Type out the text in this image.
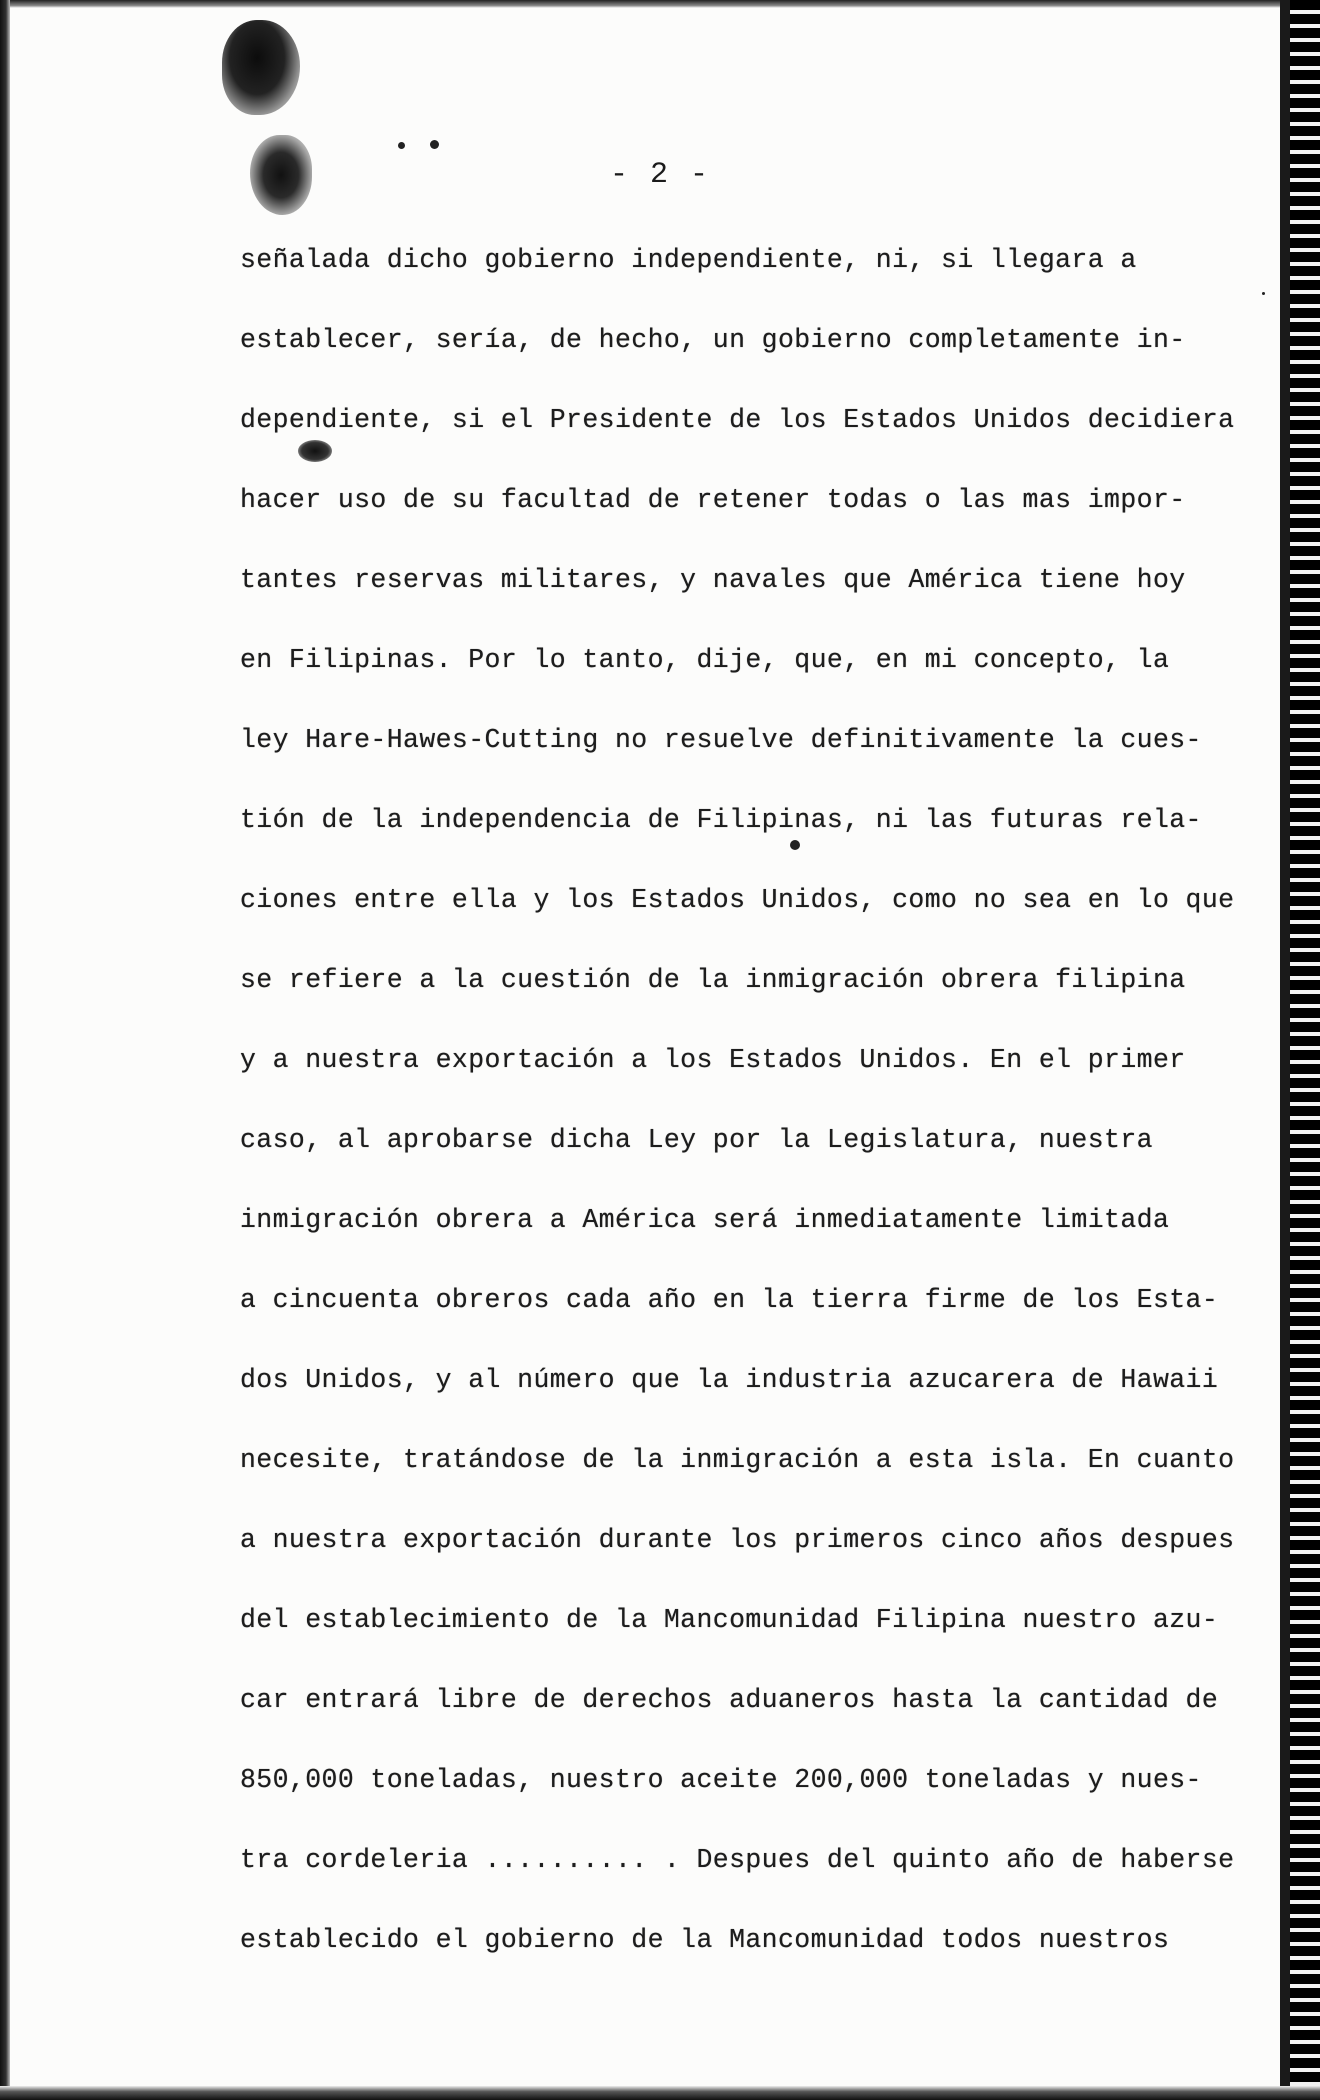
- 2 -
señalada dicho gobierno independiente, ni, si llegara a
establecer, sería, de hecho, un gobierno completamente in-
dependiente, si el Presidente de los Estados Unidos decidiera
hacer uso de su facultad de retener todas o las mas impor-
tantes reservas militares, y navales que América tiene hoy
en Filipinas. Por lo tanto, dije, que, en mi concepto, la
ley Hare-Hawes-Cutting no resuelve definitivamente la cues-
tión de la independencia de Filipinas, ni las futuras rela-
ciones entre ella y los Estados Unidos, como no sea en lo que
se refiere a la cuestión de la inmigración obrera filipina
y a nuestra exportación a los Estados Unidos. En el primer
caso, al aprobarse dicha Ley por la Legislatura, nuestra
inmigración obrera a América será inmediatamente limitada
a cincuenta obreros cada año en la tierra firme de los Esta-
dos Unidos, y al número que la industria azucarera de Hawaii
necesite, tratándose de la inmigración a esta isla. En cuanto
a nuestra exportación durante los primeros cinco años despues
del establecimiento de la Mancomunidad Filipina nuestro azu-
car entrará libre de derechos aduaneros hasta la cantidad de
850,000 toneladas, nuestro aceite 200,000 toneladas y nues-
tra cordeleria .......... . Despues del quinto año de haberse
establecido el gobierno de la Mancomunidad todos nuestros
